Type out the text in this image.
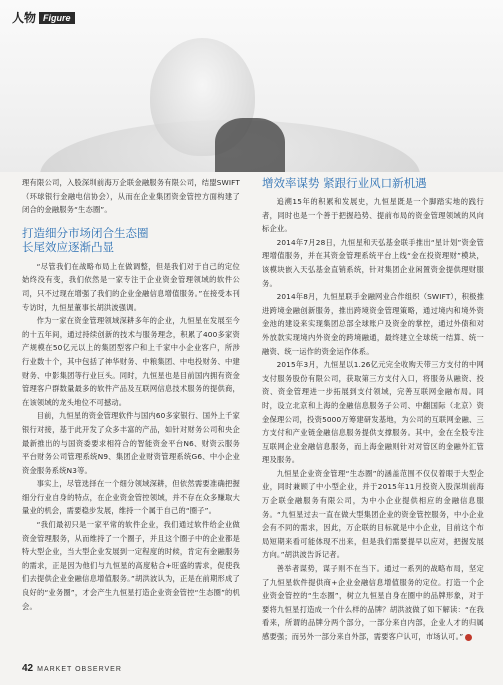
人物 Figure

理有限公司，入股深圳前海万企联金融服务有限公司，结盟SWIFT（环球银行金融电信协会），从而在企业集团资金管控方面构建了闭合的金融服务“生态圈”。

打造细分市场闭合生态圈
长尾效应逐渐凸显

“尽管我们在战略布局上在做调整，但是我们对于自己的定位始终没有变，我们依然是一家专注于企业资金管理领域的软件公司，只不过现在增强了我们的企业金融信息增值服务。”在接受本刊专访时，九恒星董事长胡洪波强调。

作为一家在资金管理领域深耕多年的企业，九恒星在发展至今的十五年间，通过持续创新的技术与服务理念，积累了400多家资产规模在50亿元以上的集团型客户和上千家中小企业客户，所涉行业数十个，其中包括了神华财务、中粮集团、中电投财务、中建财务、中影集团等行业巨头。同时，九恒星也是目前国内拥有资金管理客户群数量最多的软件产品及互联网信息技术服务的提供商，在该领域的龙头地位不可撼动。

目前，九恒星的资金管理软件与国内60多家银行、国外上千家银行对接，基于此开发了众多丰富的产品，如针对财务公司和央企最新推出的与国资委要求相符合的智能资金平台N6、财资云服务平台财务公司管理系统N9、集团企业财资管理系统G6、中小企业资金服务系统N3等。

事实上，尽管选择在一个细分领域深耕，但依然需要准确把握细分行业自身的特点，在企业资金管控领域，并不存在众多赚取大量业的机会，需要稳步发展，维持一个属于自己的“圈子”。

“我们最初只是一家平常的软件企业，我们通过软件给企业做资金管理服务，从而维持了一个圈子，并且这个圈子中的企业都是特大型企业，当大型企业发展到一定程度的时候，肯定有金融服务的需求，正是因为他们与九恒星的高度粘合+旺盛的需求，促使我们去提供企业金融信息增值服务。”胡洪波认为，正是在前期形成了良好的“业务圈”，才会产生九恒星打造企业资金管控“生态圈”的机会。

增效率谋势 紧跟行业风口新机遇

追溯15年的积累和发展史，九恒星既是一个脚踏实地的践行者，同时也是一个善于把握趋势、提前布局的资金管理领域的风向标企业。

2014年7月28日，九恒星和天弘基金联手推出“星计划”资金管理增值服务，并在其资金管理系统平台上线“金在投资理财”模块，该模块嵌入天弘基金直销系统，针对集团企业闲置资金提供理财服务。

2014年8月，九恒星联手金融网业合作组织（SWIFT），积极推进跨境金融创新服务，推出跨境资金管理策略，通过境内和境外资金池的建设来实现集团总部全球账户及资金的掌控，通过外债和对外放款实现境内外资金的跨境融通，最终建立全球统一结算、统一融资、统一运作的资金运作体系。

2015年3月，九恒星以1.26亿元完全收购天带三方支付的中网支付服务股份有限公司，获取第三方支付入口，将服务从融资、投资、资金管理进一步拓展到支付领域，完善互联网金融布局。同时，设立北京和上海的金融信息服务子公司、中翻国际（北京）资金保理公司，投资5000万筹建研发基地，为公司的互联网金融、三方支付和产业链金融信息服务提供支撑服务。其中，金在全股专注互联网企业金融信息服务，而上海金融则针对对管区的金融外汇管理及服务。

九恒星企业资金管理“生态圈”的涵盖范围不仅仅着眼于大型企业，同时兼顾了中小型企业，并于2015年11月投资入股深圳前海万企联金融服务有限公司，为中小企业提供相应的金融信息服务。“九恒星过去一直在做大型集团企业的资金管控服务，中小企业会有不同的需求，因此，万企联的目标就是中小企业，目前这个布局短期来看可能体现不出来，但是我们需要提早以应对，把握发展方向。”胡洪波告诉记者。

善举者谋势，谋子则不在当下。通过一系列的战略布局，坚定了九恒星软件提供商+企业金融信息增值服务的定位。打造一个企业资金管控的“生态圈”，树立九恒星自身在圈中的品牌形象，对于要将九恒星打造成一个什么样的品牌？胡洪波做了如下解读：“在我看来，所谓的品牌分两个部分，一部分来自内部，企业人才的归属感要强；而另外一部分来自外部，需要客户认可，市场认可。”

42 MARKET OBSERVER
